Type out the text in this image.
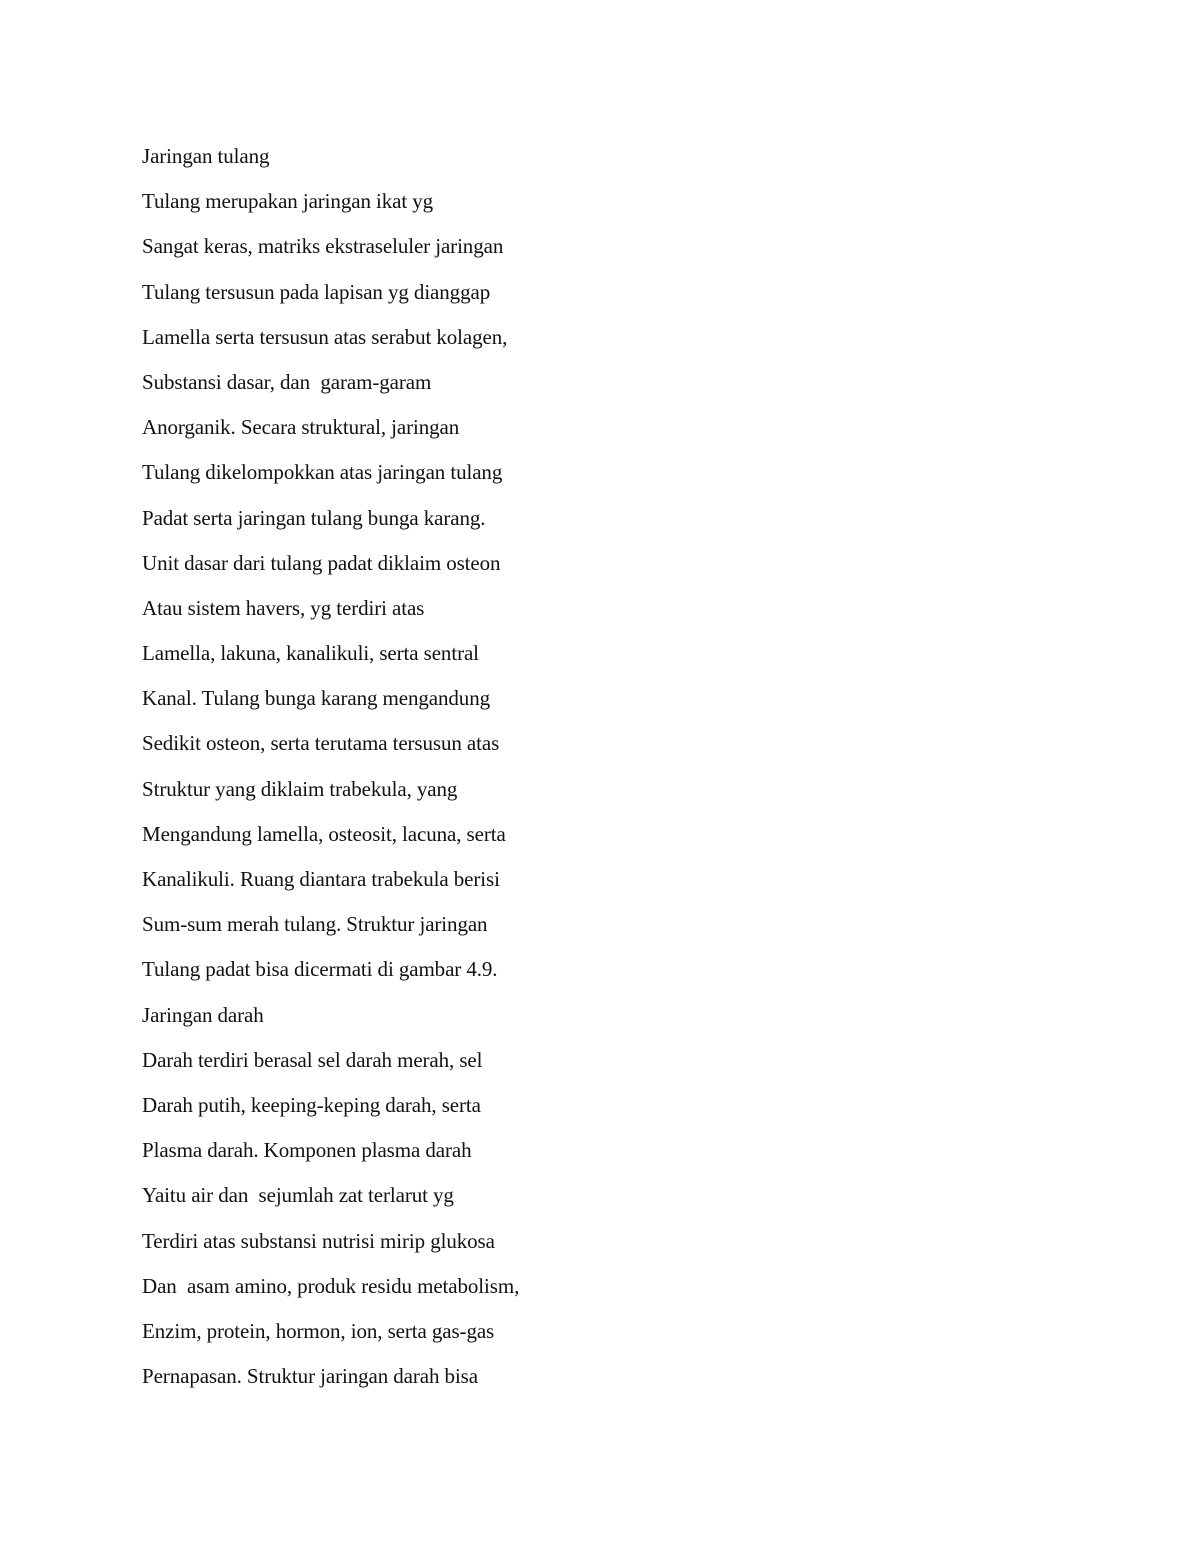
Jaringan tulang
Tulang merupakan jaringan ikat yg
Sangat keras, matriks ekstraseluler jaringan
Tulang tersusun pada lapisan yg dianggap
Lamella serta tersusun atas serabut kolagen,
Substansi dasar, dan  garam-garam
Anorganik. Secara struktural, jaringan
Tulang dikelompokkan atas jaringan tulang
Padat serta jaringan tulang bunga karang.
Unit dasar dari tulang padat diklaim osteon
Atau sistem havers, yg terdiri atas
Lamella, lakuna, kanalikuli, serta sentral
Kanal. Tulang bunga karang mengandung
Sedikit osteon, serta terutama tersusun atas
Struktur yang diklaim trabekula, yang
Mengandung lamella, osteosit, lacuna, serta
Kanalikuli. Ruang diantara trabekula berisi
Sum-sum merah tulang. Struktur jaringan
Tulang padat bisa dicermati di gambar 4.9.
Jaringan darah
Darah terdiri berasal sel darah merah, sel
Darah putih, keeping-keping darah, serta
Plasma darah. Komponen plasma darah
Yaitu air dan  sejumlah zat terlarut yg
Terdiri atas substansi nutrisi mirip glukosa
Dan  asam amino, produk residu metabolism,
Enzim, protein, hormon, ion, serta gas-gas
Pernapasan. Struktur jaringan darah bisa
